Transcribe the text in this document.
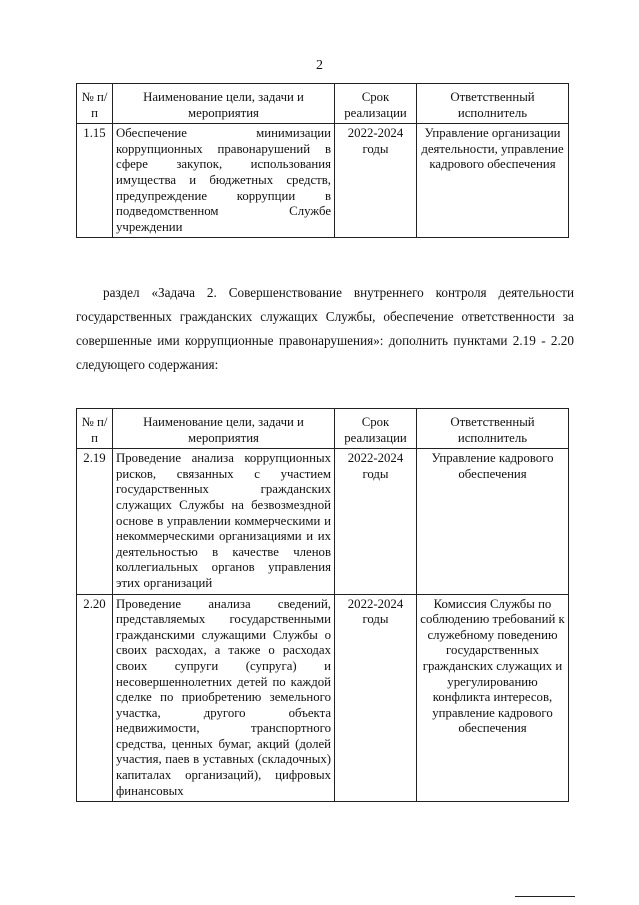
2
№ п/п	Наименование цели, задачи и мероприятия	Срок реализации	Ответственный исполнитель
1.15	Обеспечение минимизации коррупционных правонарушений в сфере закупок, использования имущества и бюджетных средств, предупреждение коррупции в подведомственном Службе учреждении	2022-2024 годы	Управление организации деятельности, управление кадрового обеспечения

раздел «Задача 2. Совершенствование внутреннего контроля деятельности государственных гражданских служащих Службы, обеспечение ответственности за совершенные ими коррупционные правонарушения»: дополнить пунктами 2.19 - 2.20 следующего содержания:

№ п/п	Наименование цели, задачи и мероприятия	Срок реализации	Ответственный исполнитель
2.19	Проведение анализа коррупционных рисков, связанных с участием государственных гражданских служащих Службы на безвозмездной основе в управлении коммерческими и некоммерческими организациями и их деятельностью в качестве членов коллегиальных органов управления этих организаций	2022-2024 годы	Управление кадрового обеспечения
2.20	Проведение анализа сведений, представляемых государственными гражданскими служащими Службы о своих расходах, а также о расходах своих супруги (супруга) и несовершеннолетних детей по каждой сделке по приобретению земельного участка, другого объекта недвижимости, транспортного средства, ценных бумаг, акций (долей участия, паев в уставных (складочных) капиталах организаций), цифровых финансовых	2022-2024 годы	Комиссия Службы по соблюдению требований к служебному поведению государственных гражданских служащих и урегулированию конфликта интересов, управление кадрового обеспечения
